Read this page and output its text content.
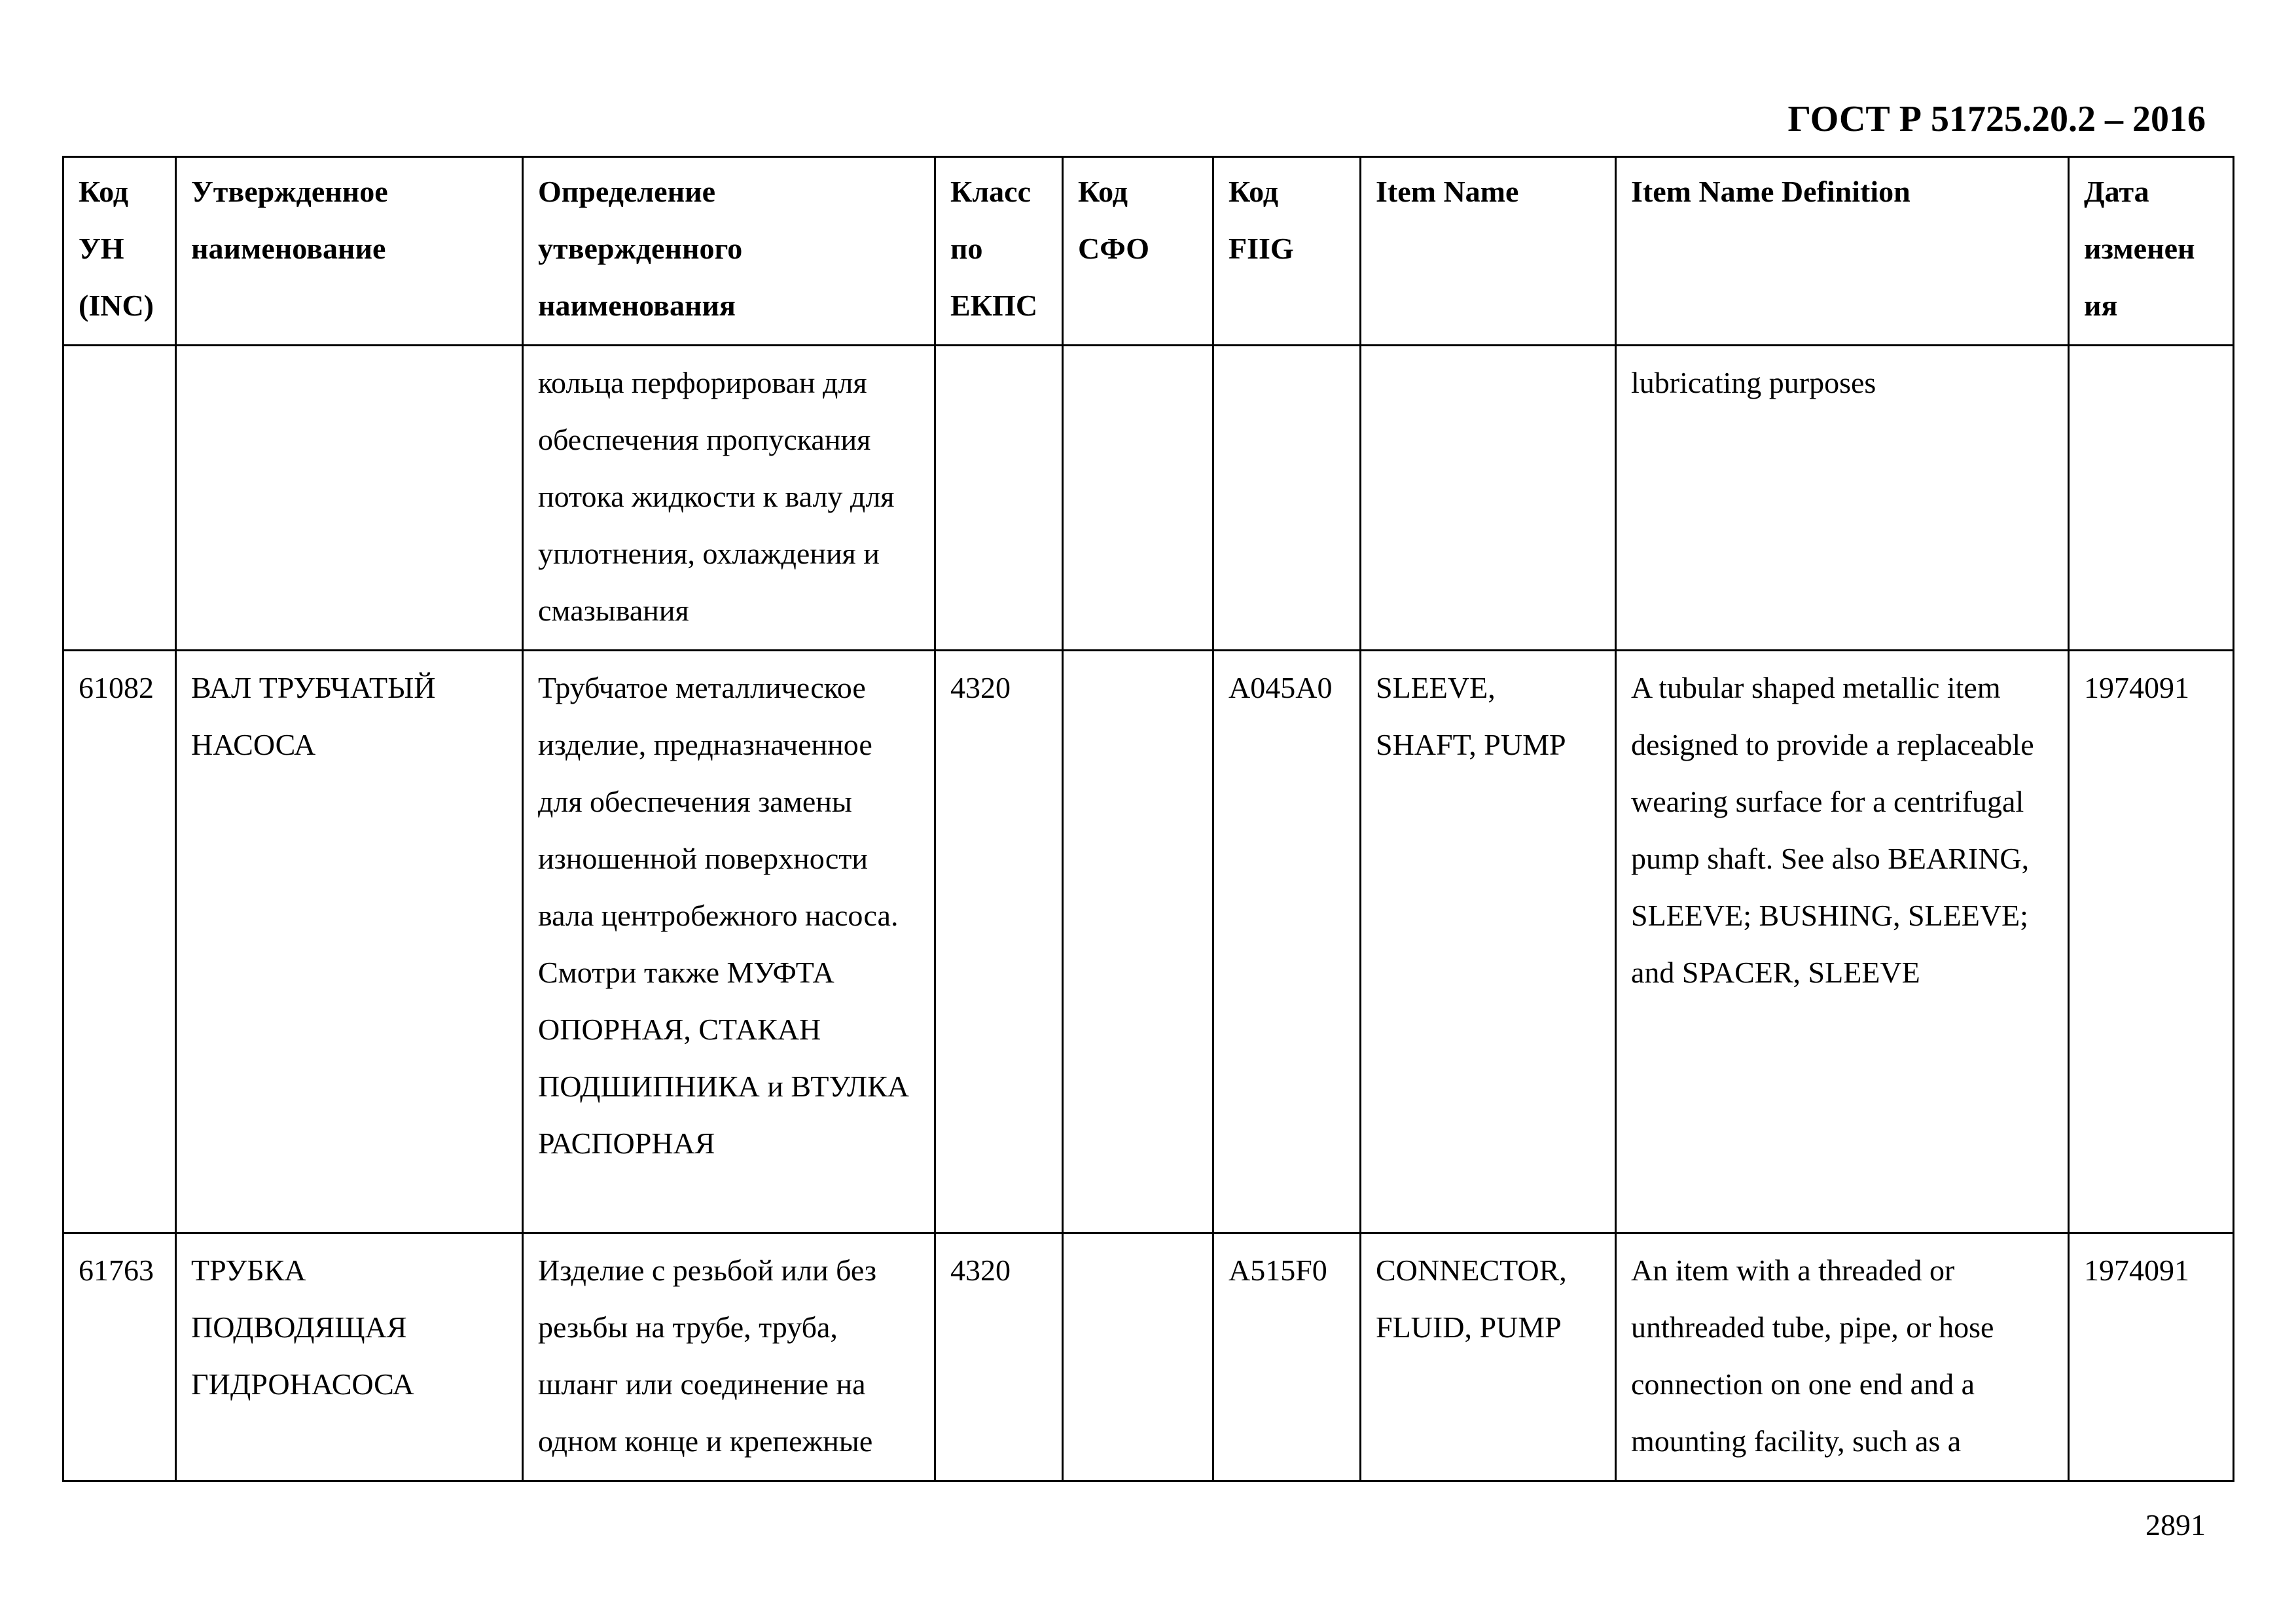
ГОСТ Р 51725.20.2 – 2016
Код УН (INC)	Утвержденное наименование	Определение утвержденного наименования	Класс по ЕКПС	Код СФО	Код FIIG	Item Name	Item Name Definition	Дата изменен ия
		кольца перфорирован для обеспечения пропускания потока жидкости к валу для уплотнения, охлаждения и смазывания					lubricating purposes	
61082	ВАЛ ТРУБЧАТЫЙ НАСОСА	Трубчатое металлическое изделие, предназначенное для обеспечения замены изношенной поверхности вала центробежного насоса. Смотри также МУФТА ОПОРНАЯ, СТАКАН ПОДШИПНИКА и ВТУЛКА РАСПОРНАЯ	4320		A045A0	SLEEVE, SHAFT, PUMP	A tubular shaped metallic item designed to provide a replaceable wearing surface for a centrifugal pump shaft. See also BEARING, SLEEVE; BUSHING, SLEEVE; and SPACER, SLEEVE	1974091
61763	ТРУБКА ПОДВОДЯЩАЯ ГИДРОНАСОСА	Изделие с резьбой или без резьбы на трубе, труба, шланг или соединение на одном конце и крепежные	4320		A515F0	CONNECTOR, FLUID, PUMP	An item with a threaded or unthreaded tube, pipe, or hose connection on one end and a mounting facility, such as a	1974091
2891
